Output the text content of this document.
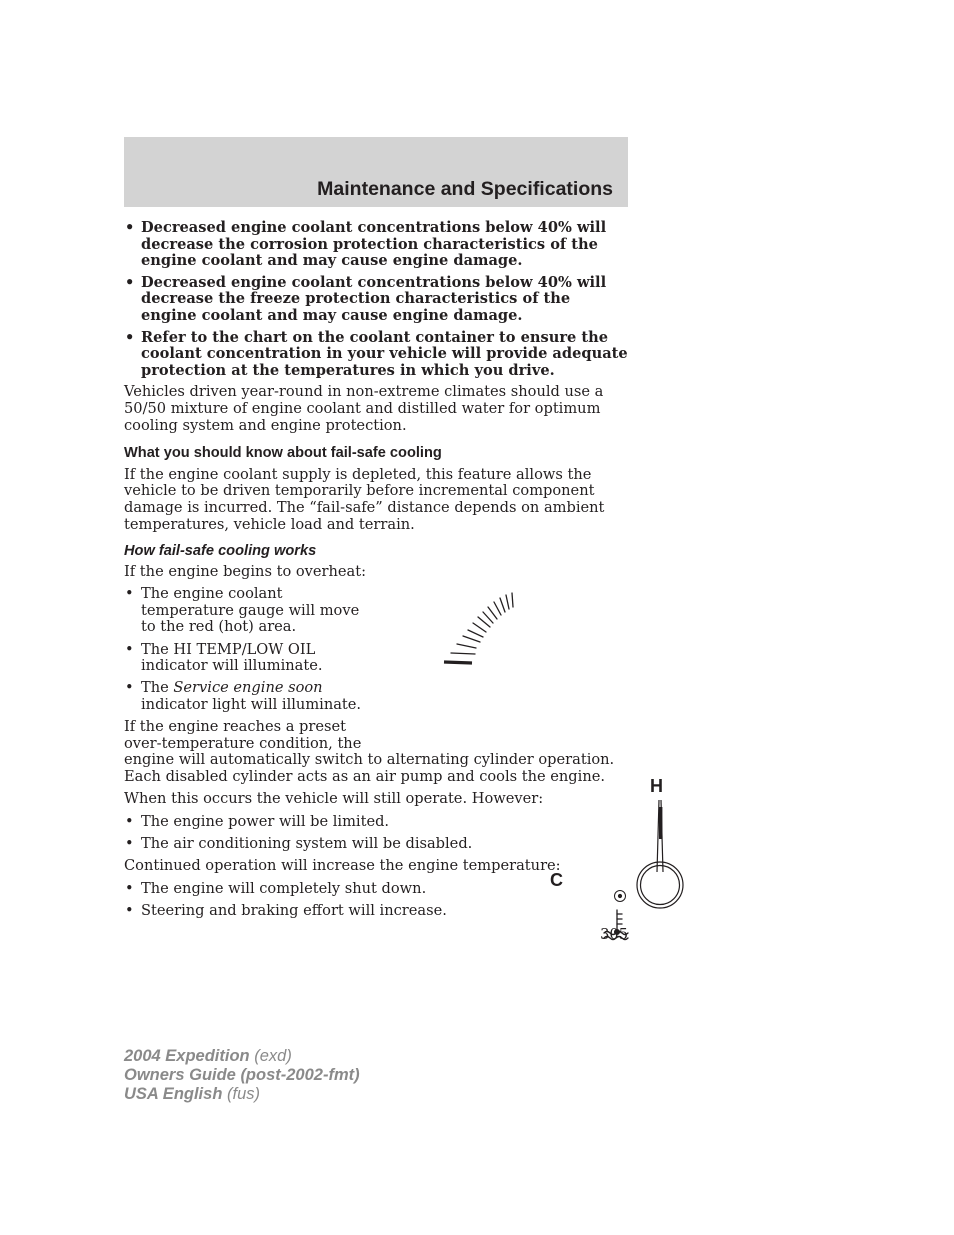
Maintenance and Specifications
• Decreased engine coolant concentrations below 40% will decrease the corrosion protection characteristics of the engine coolant and may cause engine damage.
• Decreased engine coolant concentrations below 40% will decrease the freeze protection characteristics of the engine coolant and may cause engine damage.
• Refer to the chart on the coolant container to ensure the coolant concentration in your vehicle will provide adequate protection at the temperatures in which you drive.

Vehicles driven year-round in non-extreme climates should use a 50/50 mixture of engine coolant and distilled water for optimum cooling system and engine protection.

What you should know about fail-safe cooling

If the engine coolant supply is depleted, this feature allows the vehicle to be driven temporarily before incremental component damage is incurred. The “fail-safe” distance depends on ambient temperatures, vehicle load and terrain.

How fail-safe cooling works

If the engine begins to overheat:

• The engine coolant temperature gauge will move to the red (hot) area.
• The HI TEMP/LOW OIL indicator will illuminate.
• The Service engine soon indicator light will illuminate.

If the engine reaches a preset
over-temperature condition, the
engine will automatically switch to alternating cylinder operation. Each disabled cylinder acts as an air pump and cools the engine.

When this occurs the vehicle will still operate. However:

• The engine power will be limited.
• The air conditioning system will be disabled.

Continued operation will increase the engine temperature:

• The engine will completely shut down.
• Steering and braking effort will increase.
H
C
305
2004 Expedition (exd)
Owners Guide (post-2002-fmt)
USA English (fus)
